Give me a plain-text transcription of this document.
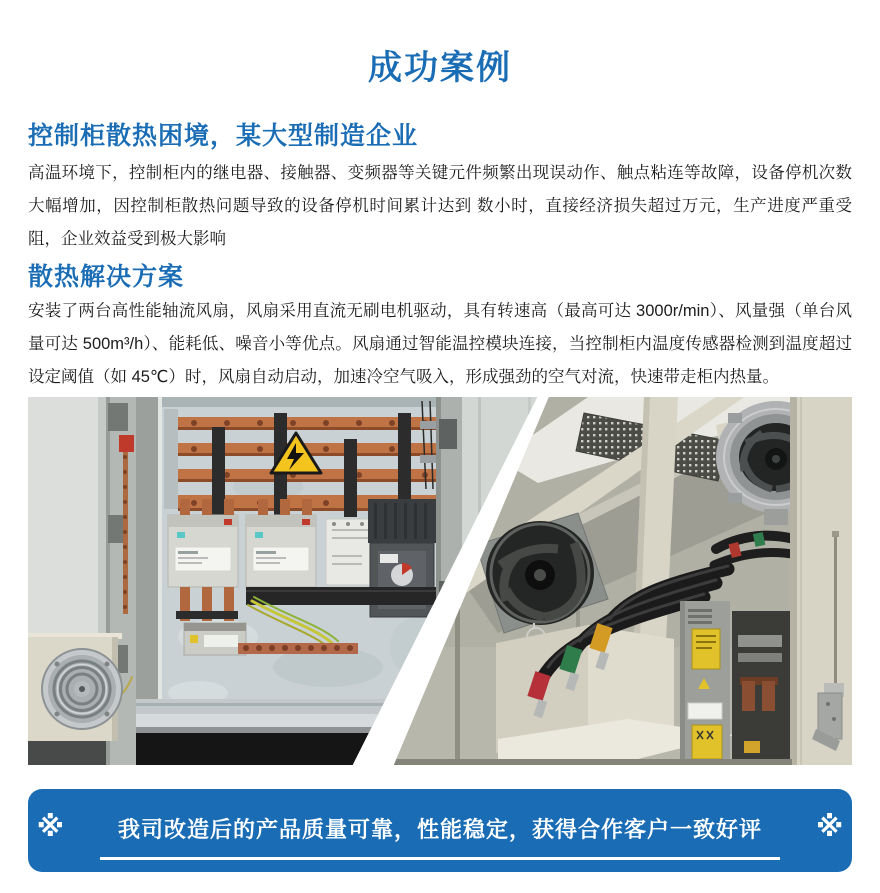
成功案例
控制柜散热困境，某大型制造企业
高温环境下，控制柜内的继电器、接触器、变频器等关键元件频繁出现误动作、触点粘连等故障，设备停机次数大幅增加，因控制柜散热问题导致的设备停机时间累计达到 数小时，直接经济损失超过万元，生产进度严重受阻，企业效益受到极大影响
散热解决方案
安装了两台高性能轴流风扇，风扇采用直流无刷电机驱动，具有转速高（最高可达 3000r/min）、风量强（单台风量可达 500m³/h）、能耗低、噪音小等优点。风扇通过智能温控模块连接，当控制柜内温度传感器检测到温度超过设定阈值（如 45℃）时，风扇自动启动，加速冷空气吸入，形成强劲的空气对流，快速带走柜内热量。
※	我司改造后的产品质量可靠，性能稳定，获得合作客户一致好评	※
